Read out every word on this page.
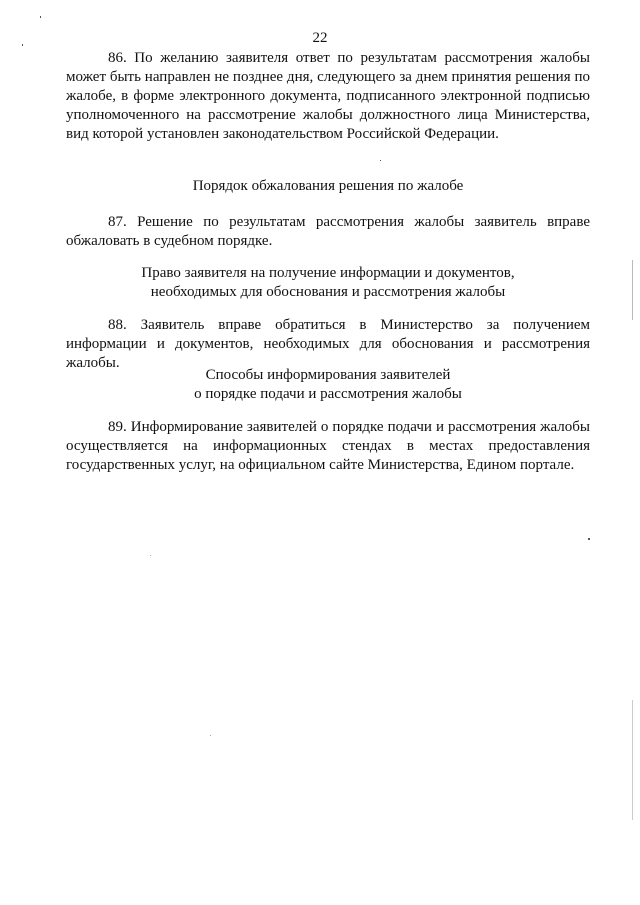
22

86. По желанию заявителя ответ по результатам рассмотрения жалобы может быть направлен не позднее дня, следующего за днем принятия решения по жалобе, в форме электронного документа, подписанного электронной подписью уполномоченного на рассмотрение жалобы должностного лица Министерства, вид которой установлен законодательством Российской Федерации.

Порядок обжалования решения по жалобе

87. Решение по результатам рассмотрения жалобы заявитель вправе обжаловать в судебном порядке.

Право заявителя на получение информации и документов,
необходимых для обоснования и рассмотрения жалобы

88. Заявитель вправе обратиться в Министерство за получением информации и документов, необходимых для обоснования и рассмотрения жалобы.

Способы информирования заявителей
о порядке подачи и рассмотрения жалобы

89. Информирование заявителей о порядке подачи и рассмотрения жалобы осуществляется на информационных стендах в местах предоставления государственных услуг, на официальном сайте Министерства, Едином портале.
